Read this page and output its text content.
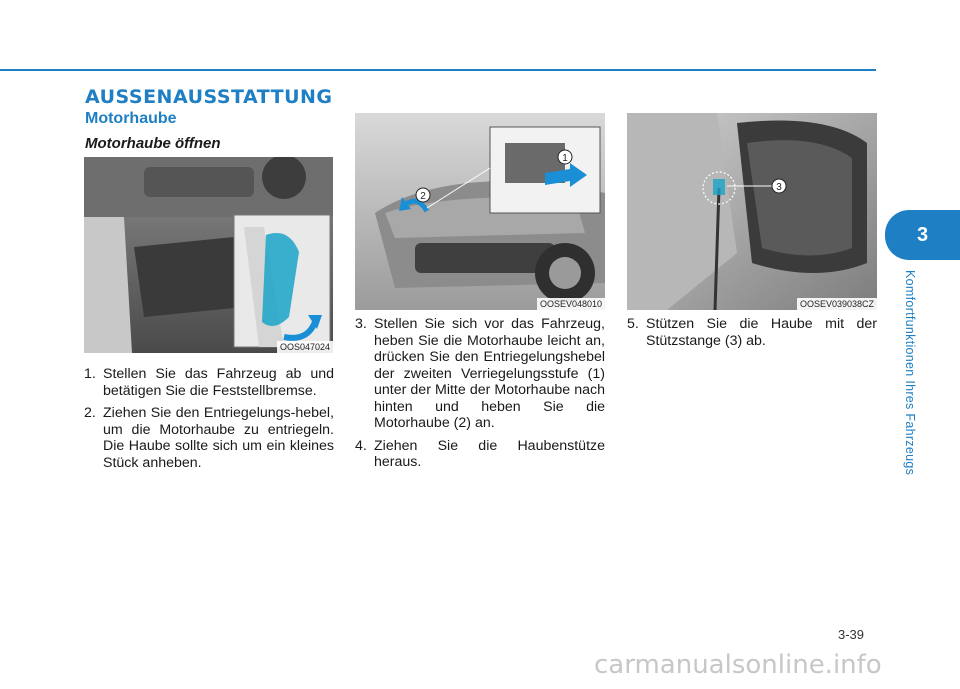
AUSSENAUSSTATTUNG
Motorhaube
Motorhaube öffnen
OOS047024
1
2
OOSEV048010
3
OOSEV039038CZ
1. Stellen Sie das Fahrzeug ab und betätigen Sie die Feststellbremse.
2. Ziehen Sie den Entriegelungs-hebel, um die Motorhaube zu entriegeln. Die Haube sollte sich um ein kleines Stück anheben.
3. Stellen Sie sich vor das Fahrzeug, heben Sie die Motorhaube leicht an, drücken Sie den Entriegelungshebel der zweiten Verriegelungsstufe (1) unter der Mitte der Motorhaube nach hinten und heben Sie die Motorhaube (2) an.
4. Ziehen Sie die Haubenstütze heraus.
5. Stützen Sie die Haube mit der Stützstange (3) ab.
3
Komfortfunktionen Ihres Fahrzeugs
3-39
carmanualsonline.info
